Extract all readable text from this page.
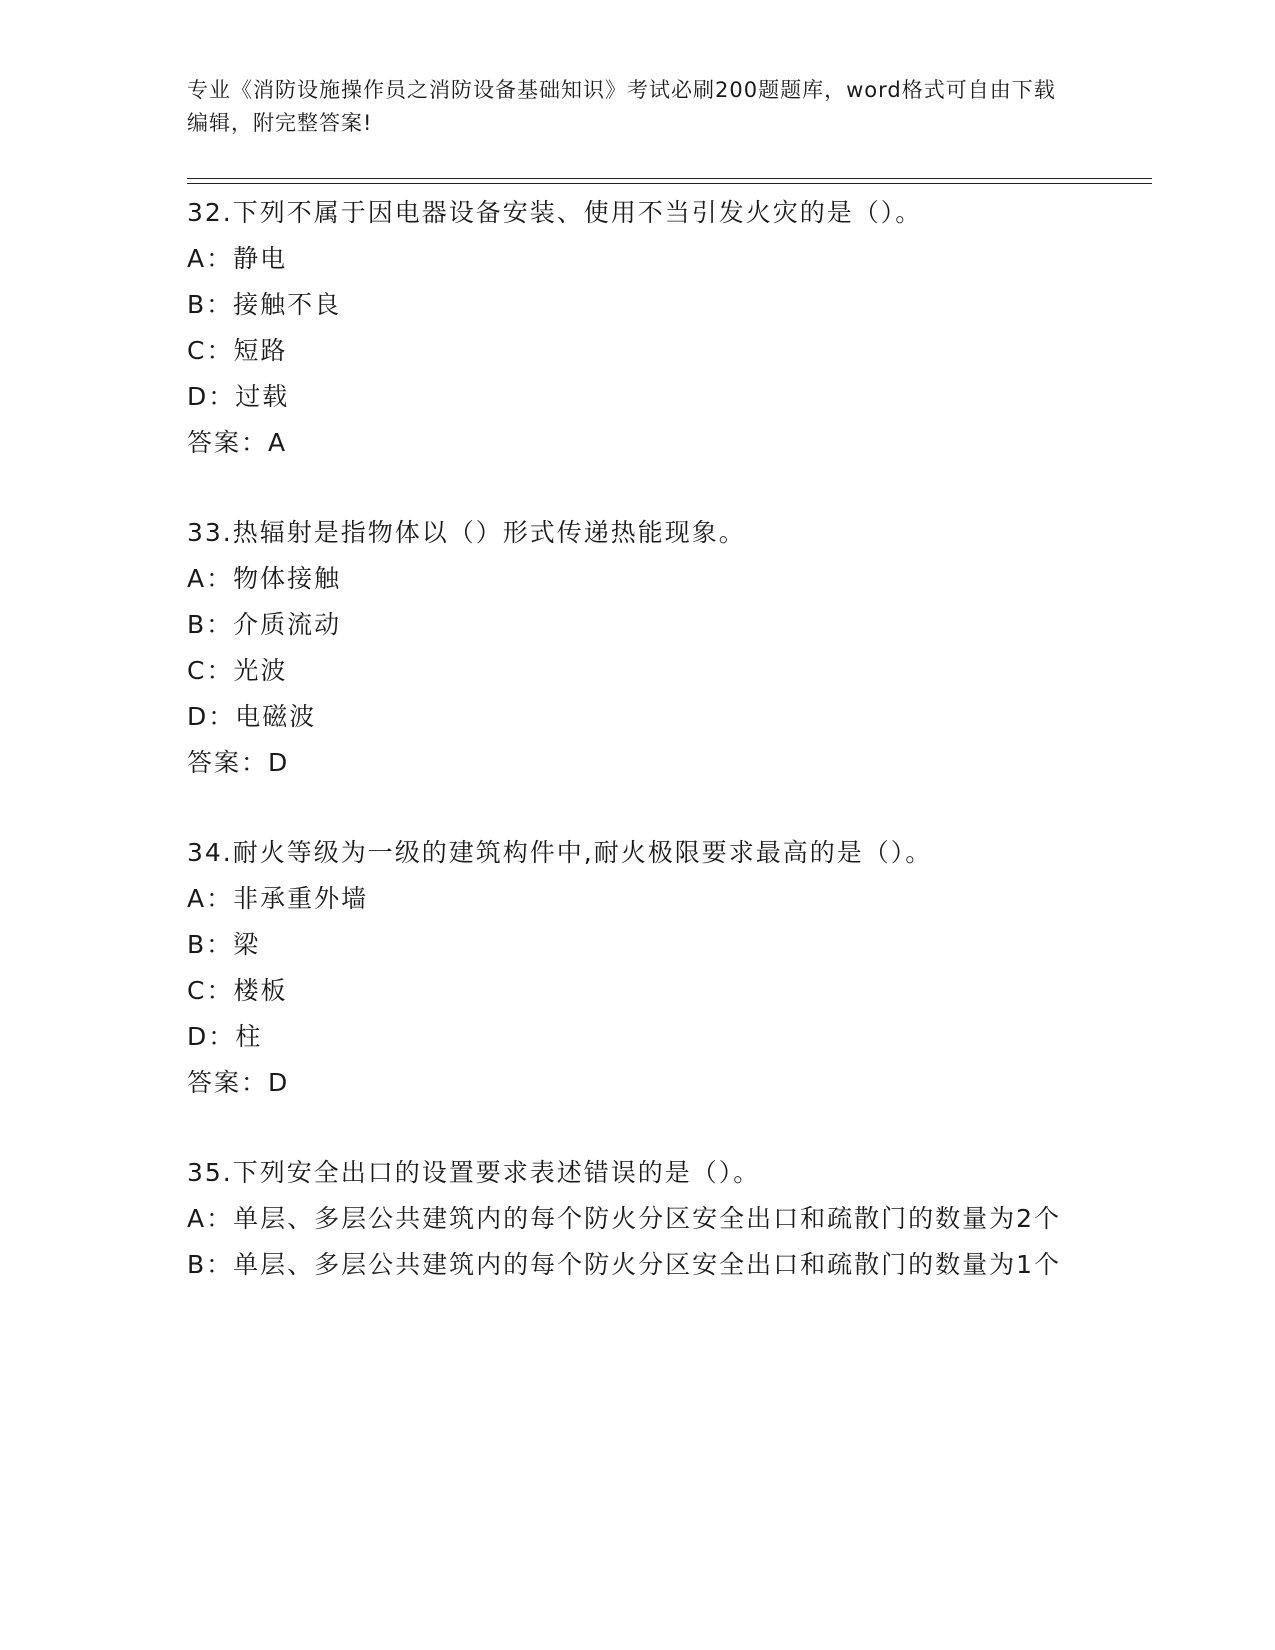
专业《消防设施操作员之消防设备基础知识》考试必刷200题题库，word格式可自由下载编辑，附完整答案!
32.下列不属于因电器设备安装、使用不当引发火灾的是（）。
A：静电
B：接触不良
C：短路
D：过载
答案：A
33.热辐射是指物体以（）形式传递热能现象。
A：物体接触
B：介质流动
C：光波
D：电磁波
答案：D
34.耐火等级为一级的建筑构件中,耐火极限要求最高的是（）。
A：非承重外墙
B：梁
C：楼板
D：柱
答案：D
35.下列安全出口的设置要求表述错误的是（）。
A：单层、多层公共建筑内的每个防火分区安全出口和疏散门的数量为2个
B：单层、多层公共建筑内的每个防火分区安全出口和疏散门的数量为1个
